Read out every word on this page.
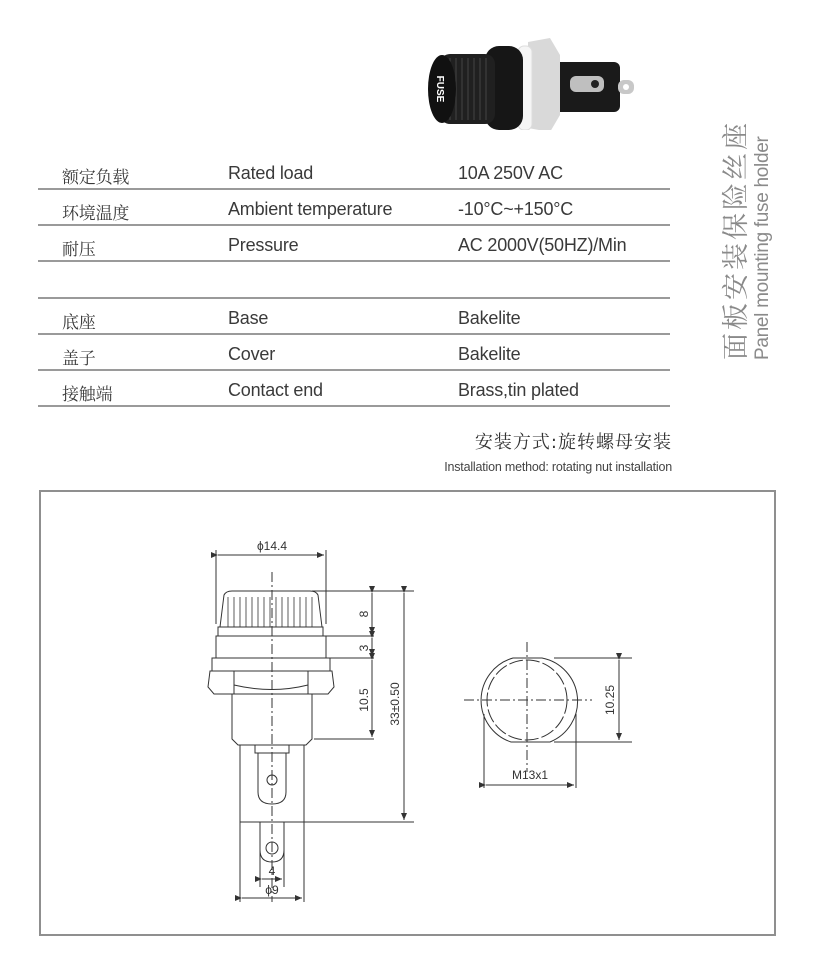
FUSE
面板安装保险丝座 Panel mounting fuse holder
额定负载	Rated load	10A 250V AC
环境温度	Ambient temperature	-10°C~+150°C
耐压	Pressure	AC 2000V(50HZ)/Min
底座	Base	Bakelite
盖子	Cover	Bakelite
接触端	Contact end	Brass,tin plated
安装方式:旋转螺母安装
Installation method: rotating nut installation
ϕ14.4
8
3
10.5 33±0.50
4
ϕ9
10.25
M13x1
